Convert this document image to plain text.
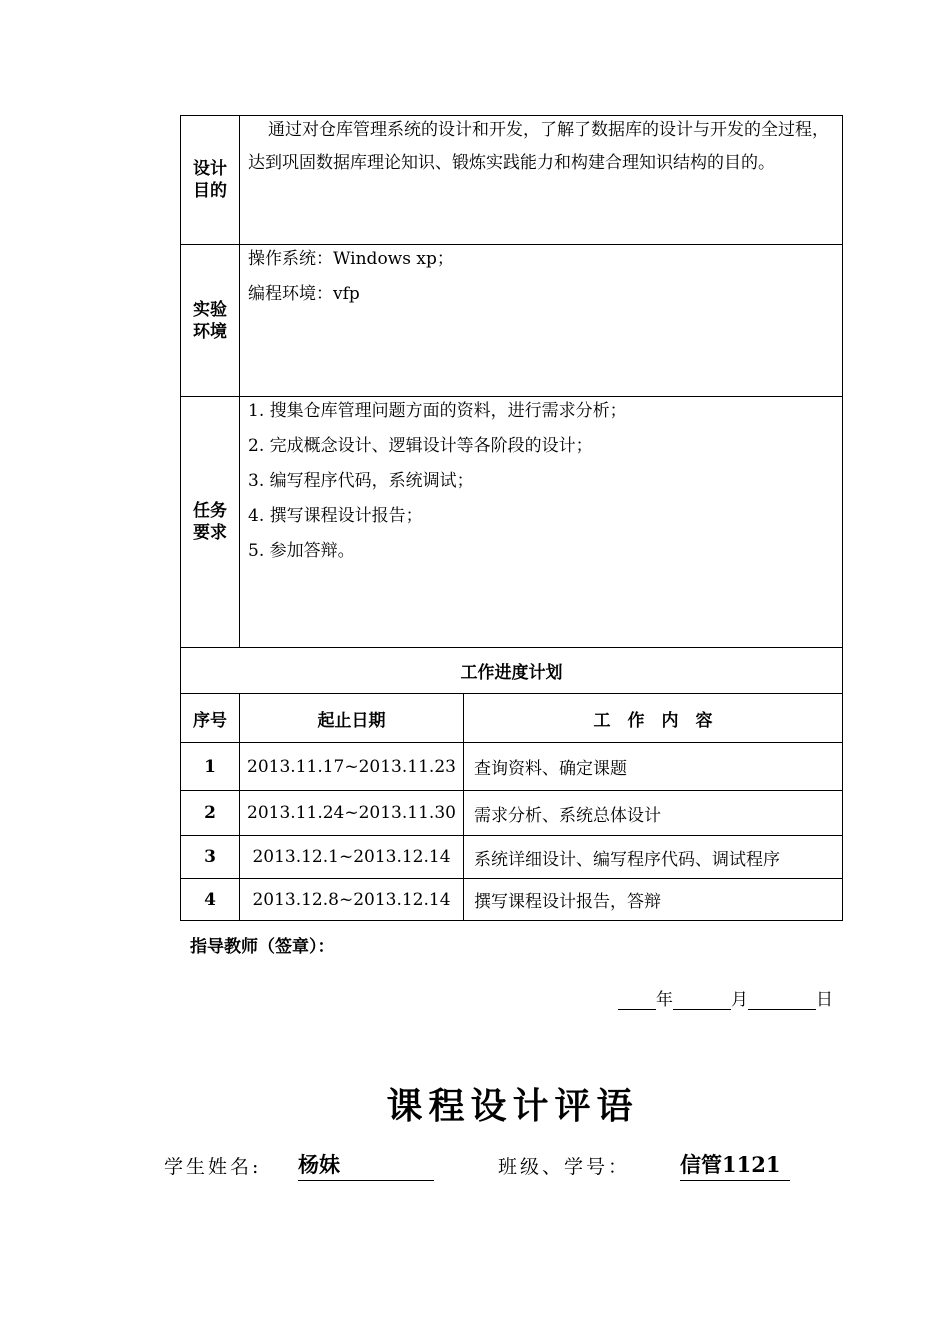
设计
目的	通过对仓库管理系统的设计和开发，了解了数据库的设计与开发的全过程，达到巩固数据库理论知识、锻炼实践能力和构建合理知识结构的目的。	

实验
环境	操作系统：Windows xp；
编程环境：vfp	

任务
要求	1. 搜集仓库管理问题方面的资料，进行需求分析；
2. 完成概念设计、逻辑设计等各阶段的设计；
3. 编写程序代码，系统调试；
4. 撰写课程设计报告；
5. 参加答辩。	

工作进度计划		
序号	起止日期	工　作　内　容
1	2013.11.17~2013.11.23	查询资料、确定课题
2	2013.11.24~2013.11.30	需求分析、系统总体设计
3	2013.12.1~2013.12.14	系统详细设计、编写程序代码、调试程序
4	2013.12.8~2013.12.14	撰写课程设计报告，答辩
指导教师（签章）：
年	月	日
课程设计评语
学生姓名: 杨妹	班级、学号： 信管1121
